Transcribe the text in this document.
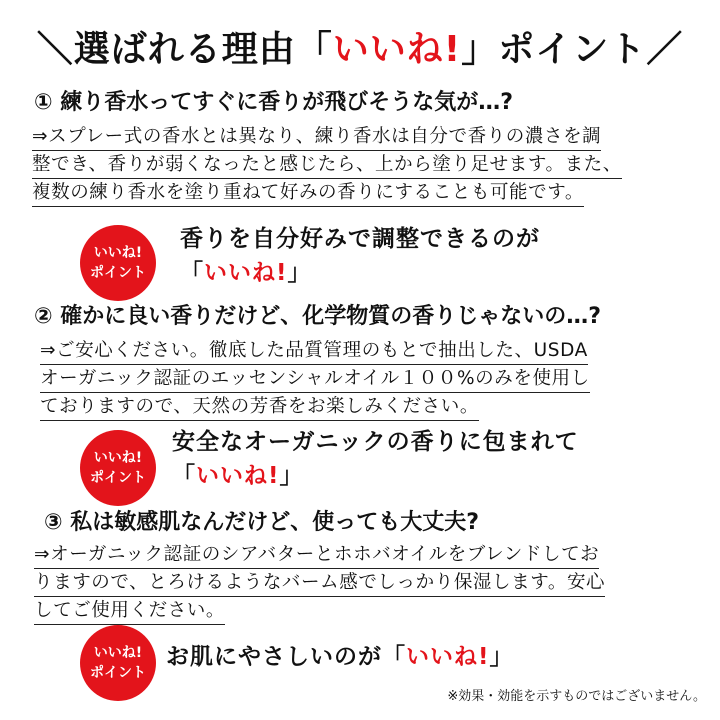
＼選ばれる理由「いいね!」ポイント／
① 練り香水ってすぐに香りが飛びそうな気が…?
⇒スプレー式の香水とは異なり、練り香水は自分で香りの濃さを調
整でき、香りが弱くなったと感じたら、上から塗り足せます。また、
複数の練り香水を塗り重ねて好みの香りにすることも可能です。
いいね!
ポイント
香りを自分好みで調整できるのが
「いいね!」
② 確かに良い香りだけど、化学物質の香りじゃないの…?
⇒ご安心ください。徹底した品質管理のもとで抽出した、USDA
オーガニック認証のエッセンシャルオイル１００%のみを使用し
ておりますので、天然の芳香をお楽しみください。
いいね!
ポイント
安全なオーガニックの香りに包まれて
「いいね!」
③ 私は敏感肌なんだけど、使っても大丈夫?
⇒オーガニック認証のシアバターとホホバオイルをブレンドしてお
りますので、とろけるようなバーム感でしっかり保湿します。安心
してご使用ください。
いいね!
ポイント
お肌にやさしいのが「いいね!」
※効果・効能を示すものではございません。
